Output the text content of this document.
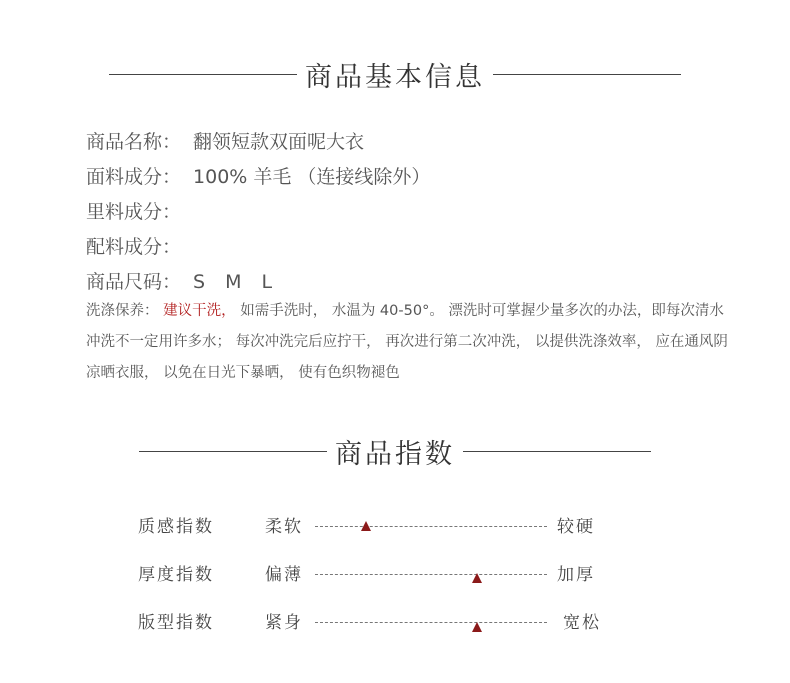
商品基本信息
商品名称： 翻领短款双面呢大衣
面料成分： 100% 羊毛 （连接线除外）
里料成分：
配料成分：
商品尺码： S M L
洗涤保养： 建议干洗， 如需手洗时， 水温为 40-50°。 漂洗时可掌握少量多次的办法，即每次清水冲洗不一定用许多水； 每次冲洗完后应拧干， 再次进行第二次冲洗， 以提供洗涤效率， 应在通风阴凉晒衣服， 以免在日光下暴晒， 使有色织物褪色
商品指数
质感指数	柔软	较硬
厚度指数	偏薄	加厚
版型指数	紧身	宽松
